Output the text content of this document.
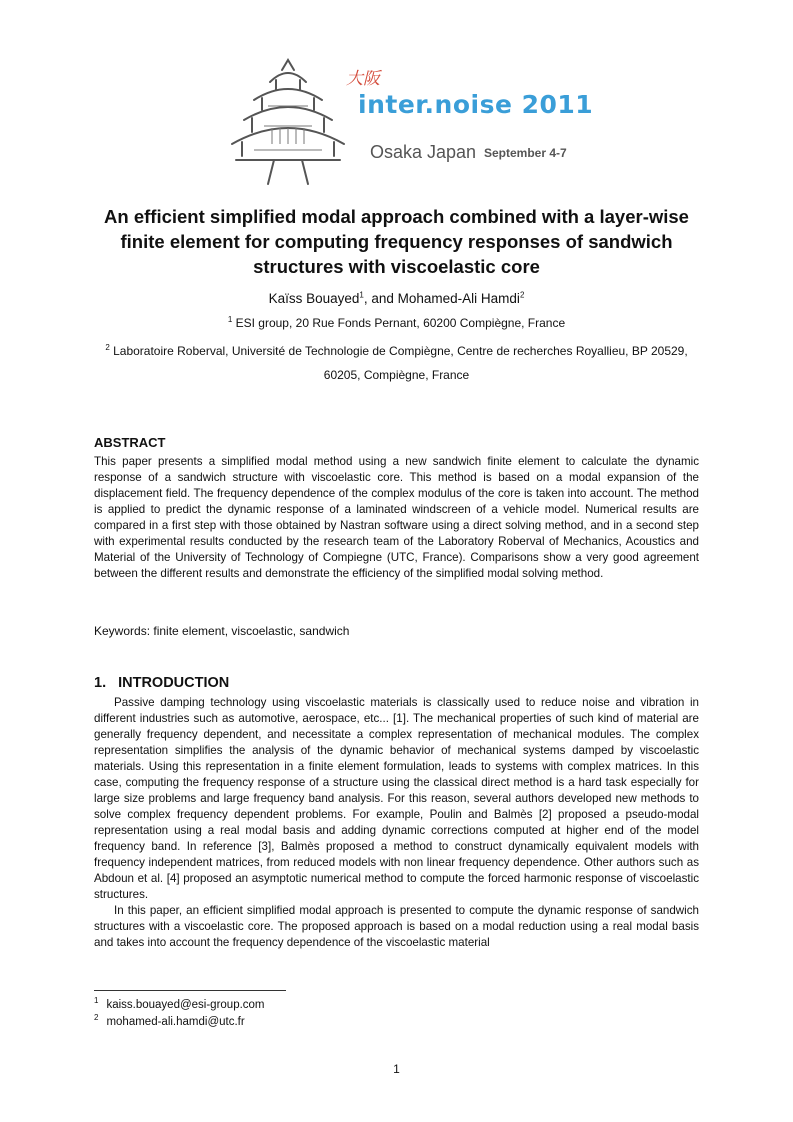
大阪
inter.noise 2011
Osaka Japan September 4-7
An efficient simplified modal approach combined with a layer-wise finite element for computing frequency responses of sandwich structures with viscoelastic core
Kaïss Bouayed$^1$, and Mohamed-Ali Hamdi$^2$
$^1$ ESI group, 20 Rue Fonds Pernant, 60200 Compiègne, France
$^2$ Laboratoire Roberval, Université de Technologie de Compiègne, Centre de recherches Royallieu, BP 20529, 60205, Compiègne, France
ABSTRACT

This paper presents a simplified modal method using a new sandwich finite element to calculate the dynamic response of a sandwich structure with viscoelastic core. This method is based on a modal expansion of the displacement field. The frequency dependence of the complex modulus of the core is taken into account. The method is applied to predict the dynamic response of a laminated windscreen of a vehicle model. Numerical results are compared in a first step with those obtained by Nastran software using a direct solving method, and in a second step with experimental results conducted by the research team of the Laboratory Roberval of Mechanics, Acoustics and Material of the University of Technology of Compiegne (UTC, France). Comparisons show a very good agreement between the different results and demonstrate the efficiency of the simplified modal solving method.

Keywords: finite element, viscoelastic, sandwich
1. INTRODUCTION

Passive damping technology using viscoelastic materials is classically used to reduce noise and vibration in different industries such as automotive, aerospace, etc... [1]. The mechanical properties of such kind of material are generally frequency dependent, and necessitate a complex representation of mechanical modules. The complex representation simplifies the analysis of the dynamic behavior of mechanical systems damped by viscoelastic materials. Using this representation in a finite element formulation, leads to systems with complex matrices. In this case, computing the frequency response of a structure using the classical direct method is a hard task especially for large size problems and large frequency band analysis. For this reason, several authors developed new methods to solve complex frequency dependent problems. For example, Poulin and Balmès [2] proposed a pseudo-modal representation using a real modal basis and adding dynamic corrections computed at higher end of the model frequency band. In reference [3], Balmès proposed a method to construct dynamically equivalent models with frequency independent matrices, from reduced models with non linear frequency dependence. Other authors such as Abdoun et al. [4] proposed an asymptotic numerical method to compute the forced harmonic response of viscoelastic structures.

In this paper, an efficient simplified modal approach is presented to compute the dynamic response of sandwich structures with a viscoelastic core. The proposed approach is based on a modal reduction using a real modal basis and takes into account the frequency dependence of the viscoelastic material

$^1$ kaiss.bouayed@esi-group.com
$^2$ mohamed-ali.hamdi@utc.fr
1
